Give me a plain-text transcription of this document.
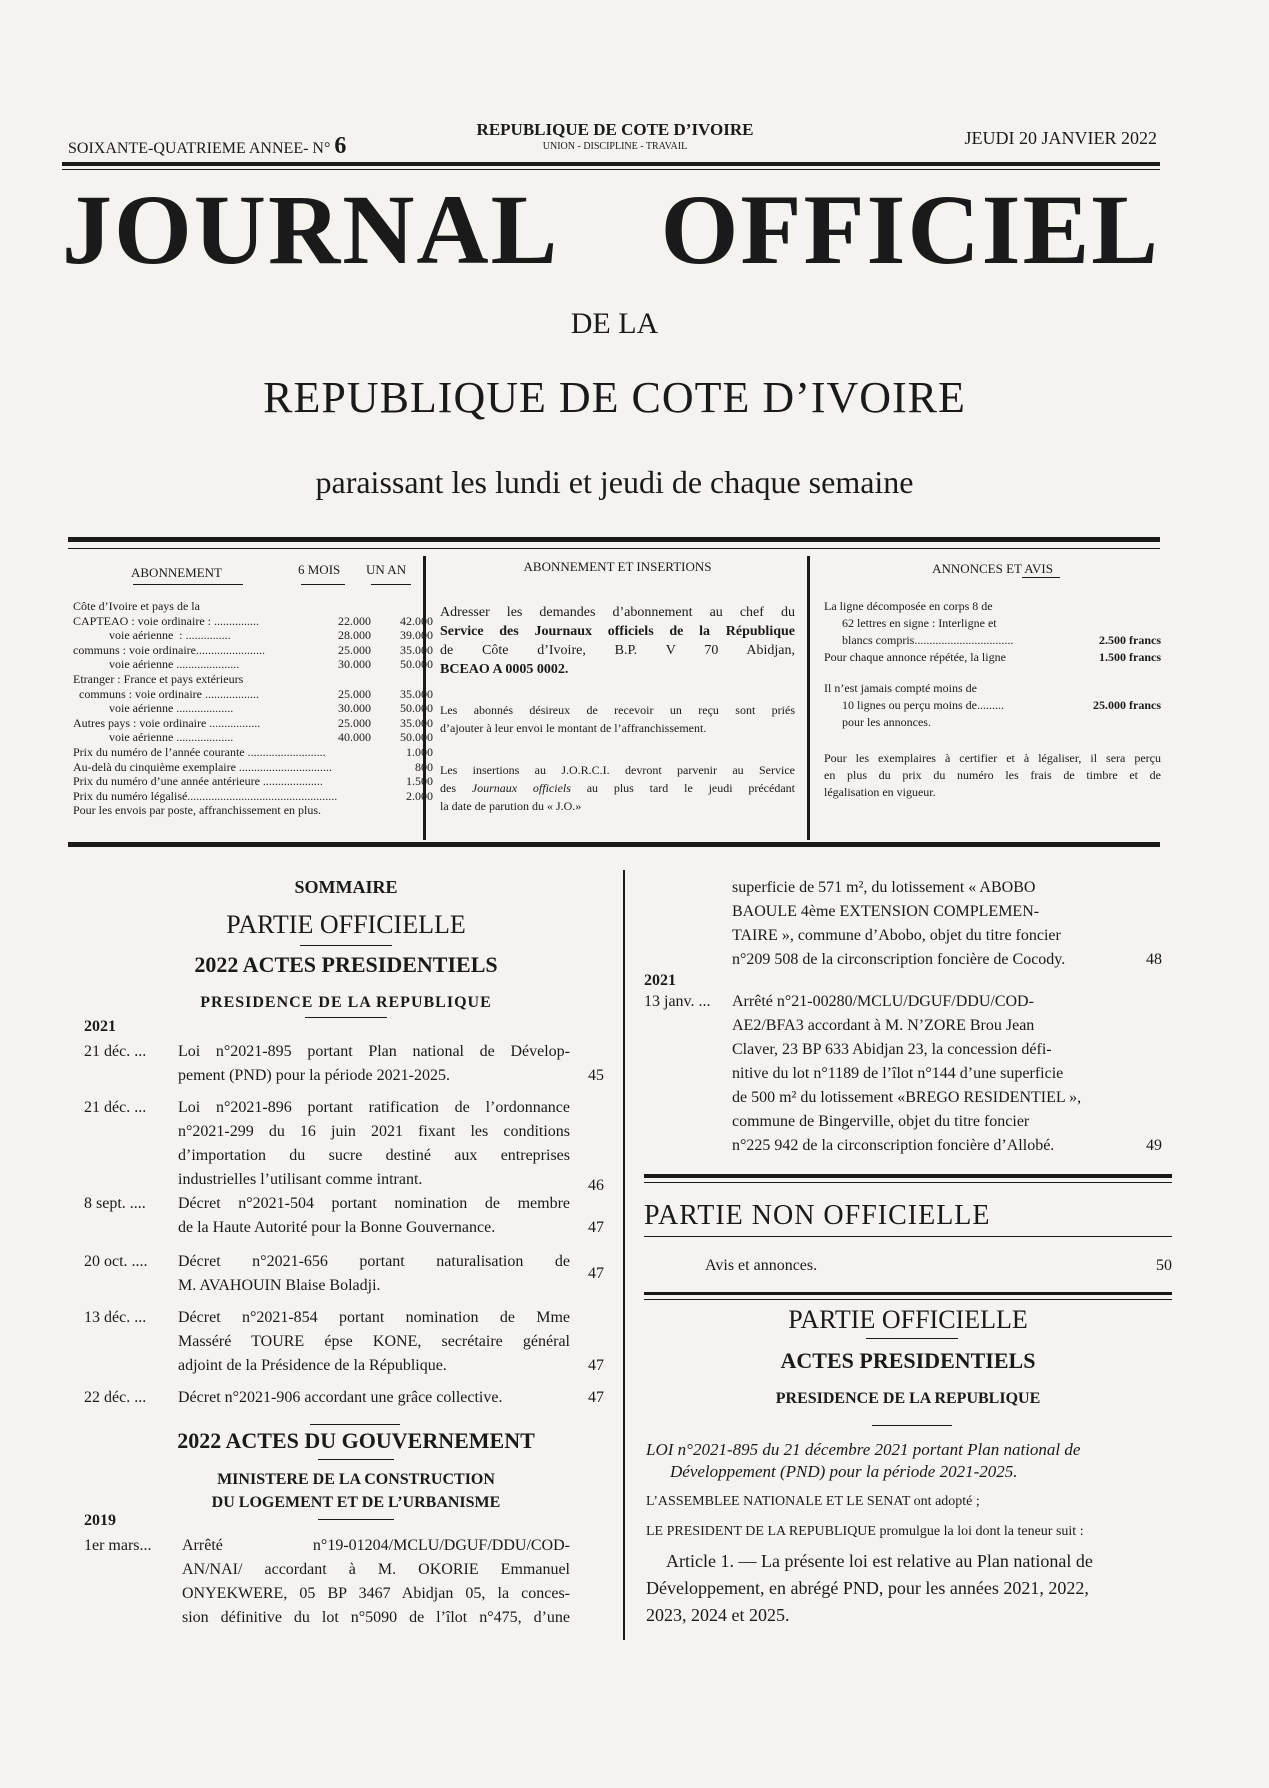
SOIXANTE-QUATRIEME ANNEE- N° 6
REPUBLIQUE DE COTE D’IVOIRE
UNION - DISCIPLINE - TRAVAIL	JEUDI 20 JANVIER 2022
JOURNAL OFFICIEL
DE LA
REPUBLIQUE DE COTE D’IVOIRE
paraissant les lundi et jeudi de chaque semaine
ABONNEMENT	6 MOIS UN AN
Côte d’Ivoire et pays de la
CAPTEAO : voie ordinaire : ...............	22.000	42.000
voie aérienne  : ...............	28.000	39.000
communs : voie ordinaire.......................	25.000	35.000
voie aérienne .....................	30.000	50.000
Etranger : France et pays extérieurs
communs : voie ordinaire ..................	25.000	35.000
voie aérienne ...................	30.000	50.000
Autres pays : voie ordinaire .................	25.000	35.000
voie aérienne ...................	40.000	50.000
Prix du numéro de l’année courante ..........................	1.000
Au-delà du cinquième exemplaire ...............................	800
Prix du numéro d’une année antérieure ....................	1.500
Prix du numéro légalisé..................................................	2.000
Pour les envois par poste, affranchissement en plus.
ABONNEMENT ET INSERTIONS
Adresser les demandes d’abonnement au chef du
Service des Journaux officiels de la République
de Côte d’Ivoire, B.P. V 70 Abidjan,
BCEAO A 0005 0002.
Les abonnés désireux de recevoir un reçu sont priés
d’ajouter à leur envoi le montant de l’affranchissement.
Les insertions au J.O.R.C.I. devront parvenir au Service
des Journaux officiels au plus tard le jeudi précédant
la date de parution du « J.O.»
ANNONCES ET AVIS
La ligne décomposée en corps 8 de
62 lettres en signe : Interligne et
blancs compris.................................	2.500 francs
Pour chaque annonce répétée, la ligne	1.500 francs
Il n’est jamais compté moins de
10 lignes ou perçu moins de.........	25.000 francs
pour les annonces.
Pour les exemplaires à certifier et à légaliser, il sera perçu
en plus du prix du numéro les frais de timbre et de
légalisation en vigueur.
SOMMAIRE
PARTIE OFFICIELLE
2022 ACTES PRESIDENTIELS
PRESIDENCE DE LA REPUBLIQUE
2021
21 déc. ... Loi n°2021-895 portant Plan national de Dévelop-
pement (PND) pour la période 2021-2025.	45
21 déc. ... Loi n°2021-896 portant ratification de l’ordonnance
n°2021-299 du 16 juin 2021 fixant les conditions
d’importation du sucre destiné aux entreprises
industrielles l’utilisant comme intrant.	46
8 sept. .... Décret n°2021-504 portant nomination de membre
de la Haute Autorité pour la Bonne Gouvernance.	47
20 oct. .... Décret n°2021-656 portant naturalisation de
M. AVAHOUIN Blaise Boladji.
47
13 déc. ... Décret n°2021-854 portant nomination de Mme
Masséré TOURE épse KONE, secrétaire général
adjoint de la Présidence de la République.	47
22 déc. ... Décret n°2021-906 accordant une grâce collective.	47
2022 ACTES DU GOUVERNEMENT
MINISTERE DE LA CONSTRUCTION
DU LOGEMENT ET DE L’URBANISME
2019
1er mars... Arrêté n°19-01204/MCLU/DGUF/DDU/COD-
AN/NAI/ accordant à M. OKORIE Emmanuel
ONYEKWERE, 05 BP 3467 Abidjan 05, la conces-
sion définitive du lot n°5090 de l’îlot n°475, d’une
superficie de 571 m², du lotissement « ABOBO
BAOULE 4ème EXTENSION COMPLEMEN-
TAIRE », commune d’Abobo, objet du titre foncier
n°209 508 de la circonscription foncière de Cocody.	48
2021
13 janv. ... Arrêté n°21-00280/MCLU/DGUF/DDU/COD-
AE2/BFA3 accordant à M. N’ZORE Brou Jean
Claver, 23 BP 633 Abidjan 23, la concession défi-
nitive du lot n°1189 de l’îlot n°144 d’une superficie
de 500 m² du lotissement «BREGO RESIDENTIEL »,
commune de Bingerville, objet du titre foncier
n°225 942 de la circonscription foncière d’Allobé.	49
PARTIE NON OFFICIELLE
Avis et annonces.	50
PARTIE OFFICIELLE
ACTES PRESIDENTIELS
PRESIDENCE DE LA REPUBLIQUE
LOI n°2021-895 du 21 décembre 2021 portant Plan national de
Développement (PND) pour la période 2021-2025.
L’ASSEMBLEE NATIONALE ET LE SENAT ont adopté ;
LE PRESIDENT DE LA REPUBLIQUE promulgue la loi dont la teneur suit :
Article 1. — La présente loi est relative au Plan national de
Développement, en abrégé PND, pour les années 2021, 2022,
2023, 2024 et 2025.
